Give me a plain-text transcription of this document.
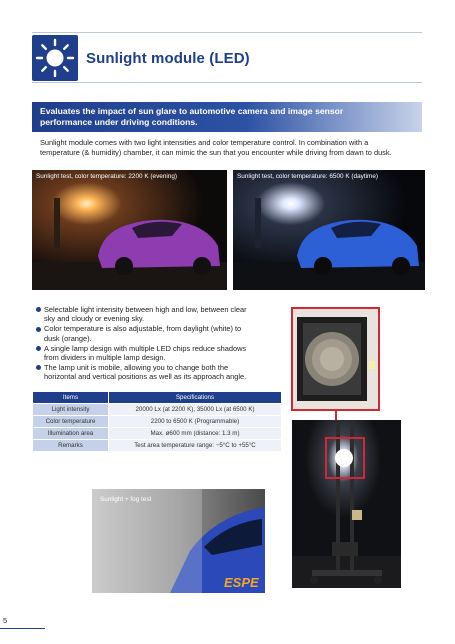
Sunlight module (LED)
Evaluates the impact of sun glare to automotive camera and image sensor
performance under driving conditions.
Sunlight module comes with two light intensities and color temperature control. In combination with a
temperature (& humidity) chamber, it can mimic the sun that you encounter while driving from dawn to dusk.
Sunlight test, color temperature: 2200 K (evening)	Sunlight test, color temperature: 6500 K (daytime)
Selectable light intensity between high and low, between clear
sky and cloudy or evening sky.
Color temperature is also adjustable, from daylight (white) to
dusk (orange).
A single lamp design with multiple LED chips reduce shadows
from dividers in multiple lamp design.
The lamp unit is mobile, allowing you to change both the
horizontal and vertical positions as well as its approach angle.
Items	Specifications
Light intensity	20000 Lx (at 2200 K), 35000 Lx (at 6500 K)
Color temperature	2200 to 6500 K (Programmable)
Illumination area	Max. ø600 mm (distance: 1.3 m)
Remarks	Test area temperature range: −5°C to +55°C
ESPE
Sunlight + fog test
5
